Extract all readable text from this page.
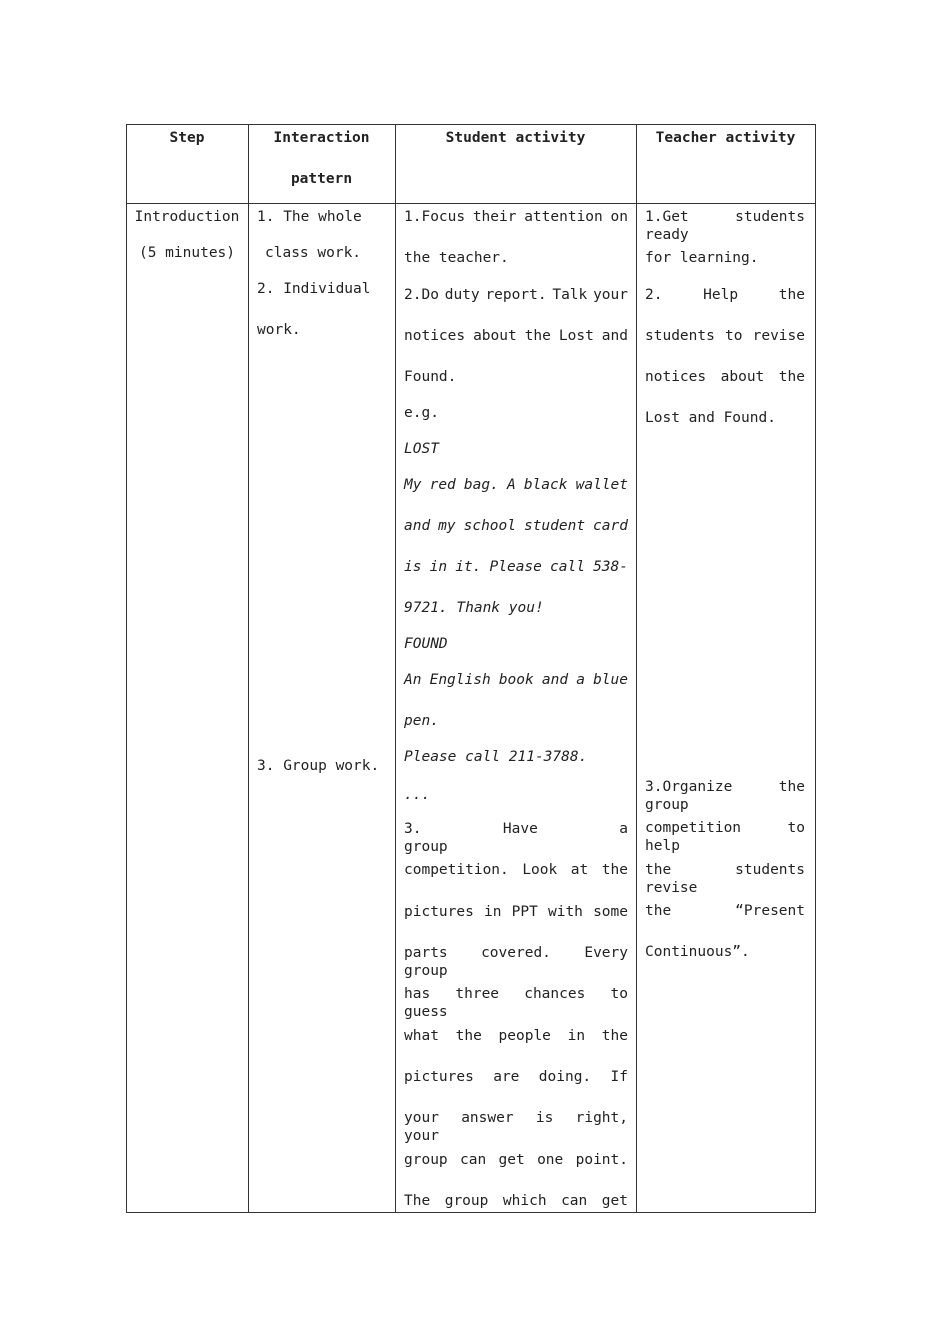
Step	Interaction
pattern
Student activity	Teacher activity
Introduction
(5 minutes)
1. The whole
class work.
2. Individual
work.
3. Group work.
1.Focus their attention on
the teacher.
2.Do duty report. Talk your
notices about the Lost and
Found.
e.g.
LOST
My red bag. A black wallet
and my school student card
is in it. Please call 538-
9721. Thank you!
FOUND
An English book and a blue
pen.
Please call 211-3788.
...
3. Have a group
competition. Look at the
pictures in PPT with some
parts covered. Every group
has three chances to guess
what the people in the
pictures are doing. If
your answer is right, your
group can get one point.
The group which can get
1.Get students ready
for learning.
2. Help the
students to revise
notices about the
Lost and Found.
3.Organize the group
competition to help
the students revise
the “Present
Continuous”.
